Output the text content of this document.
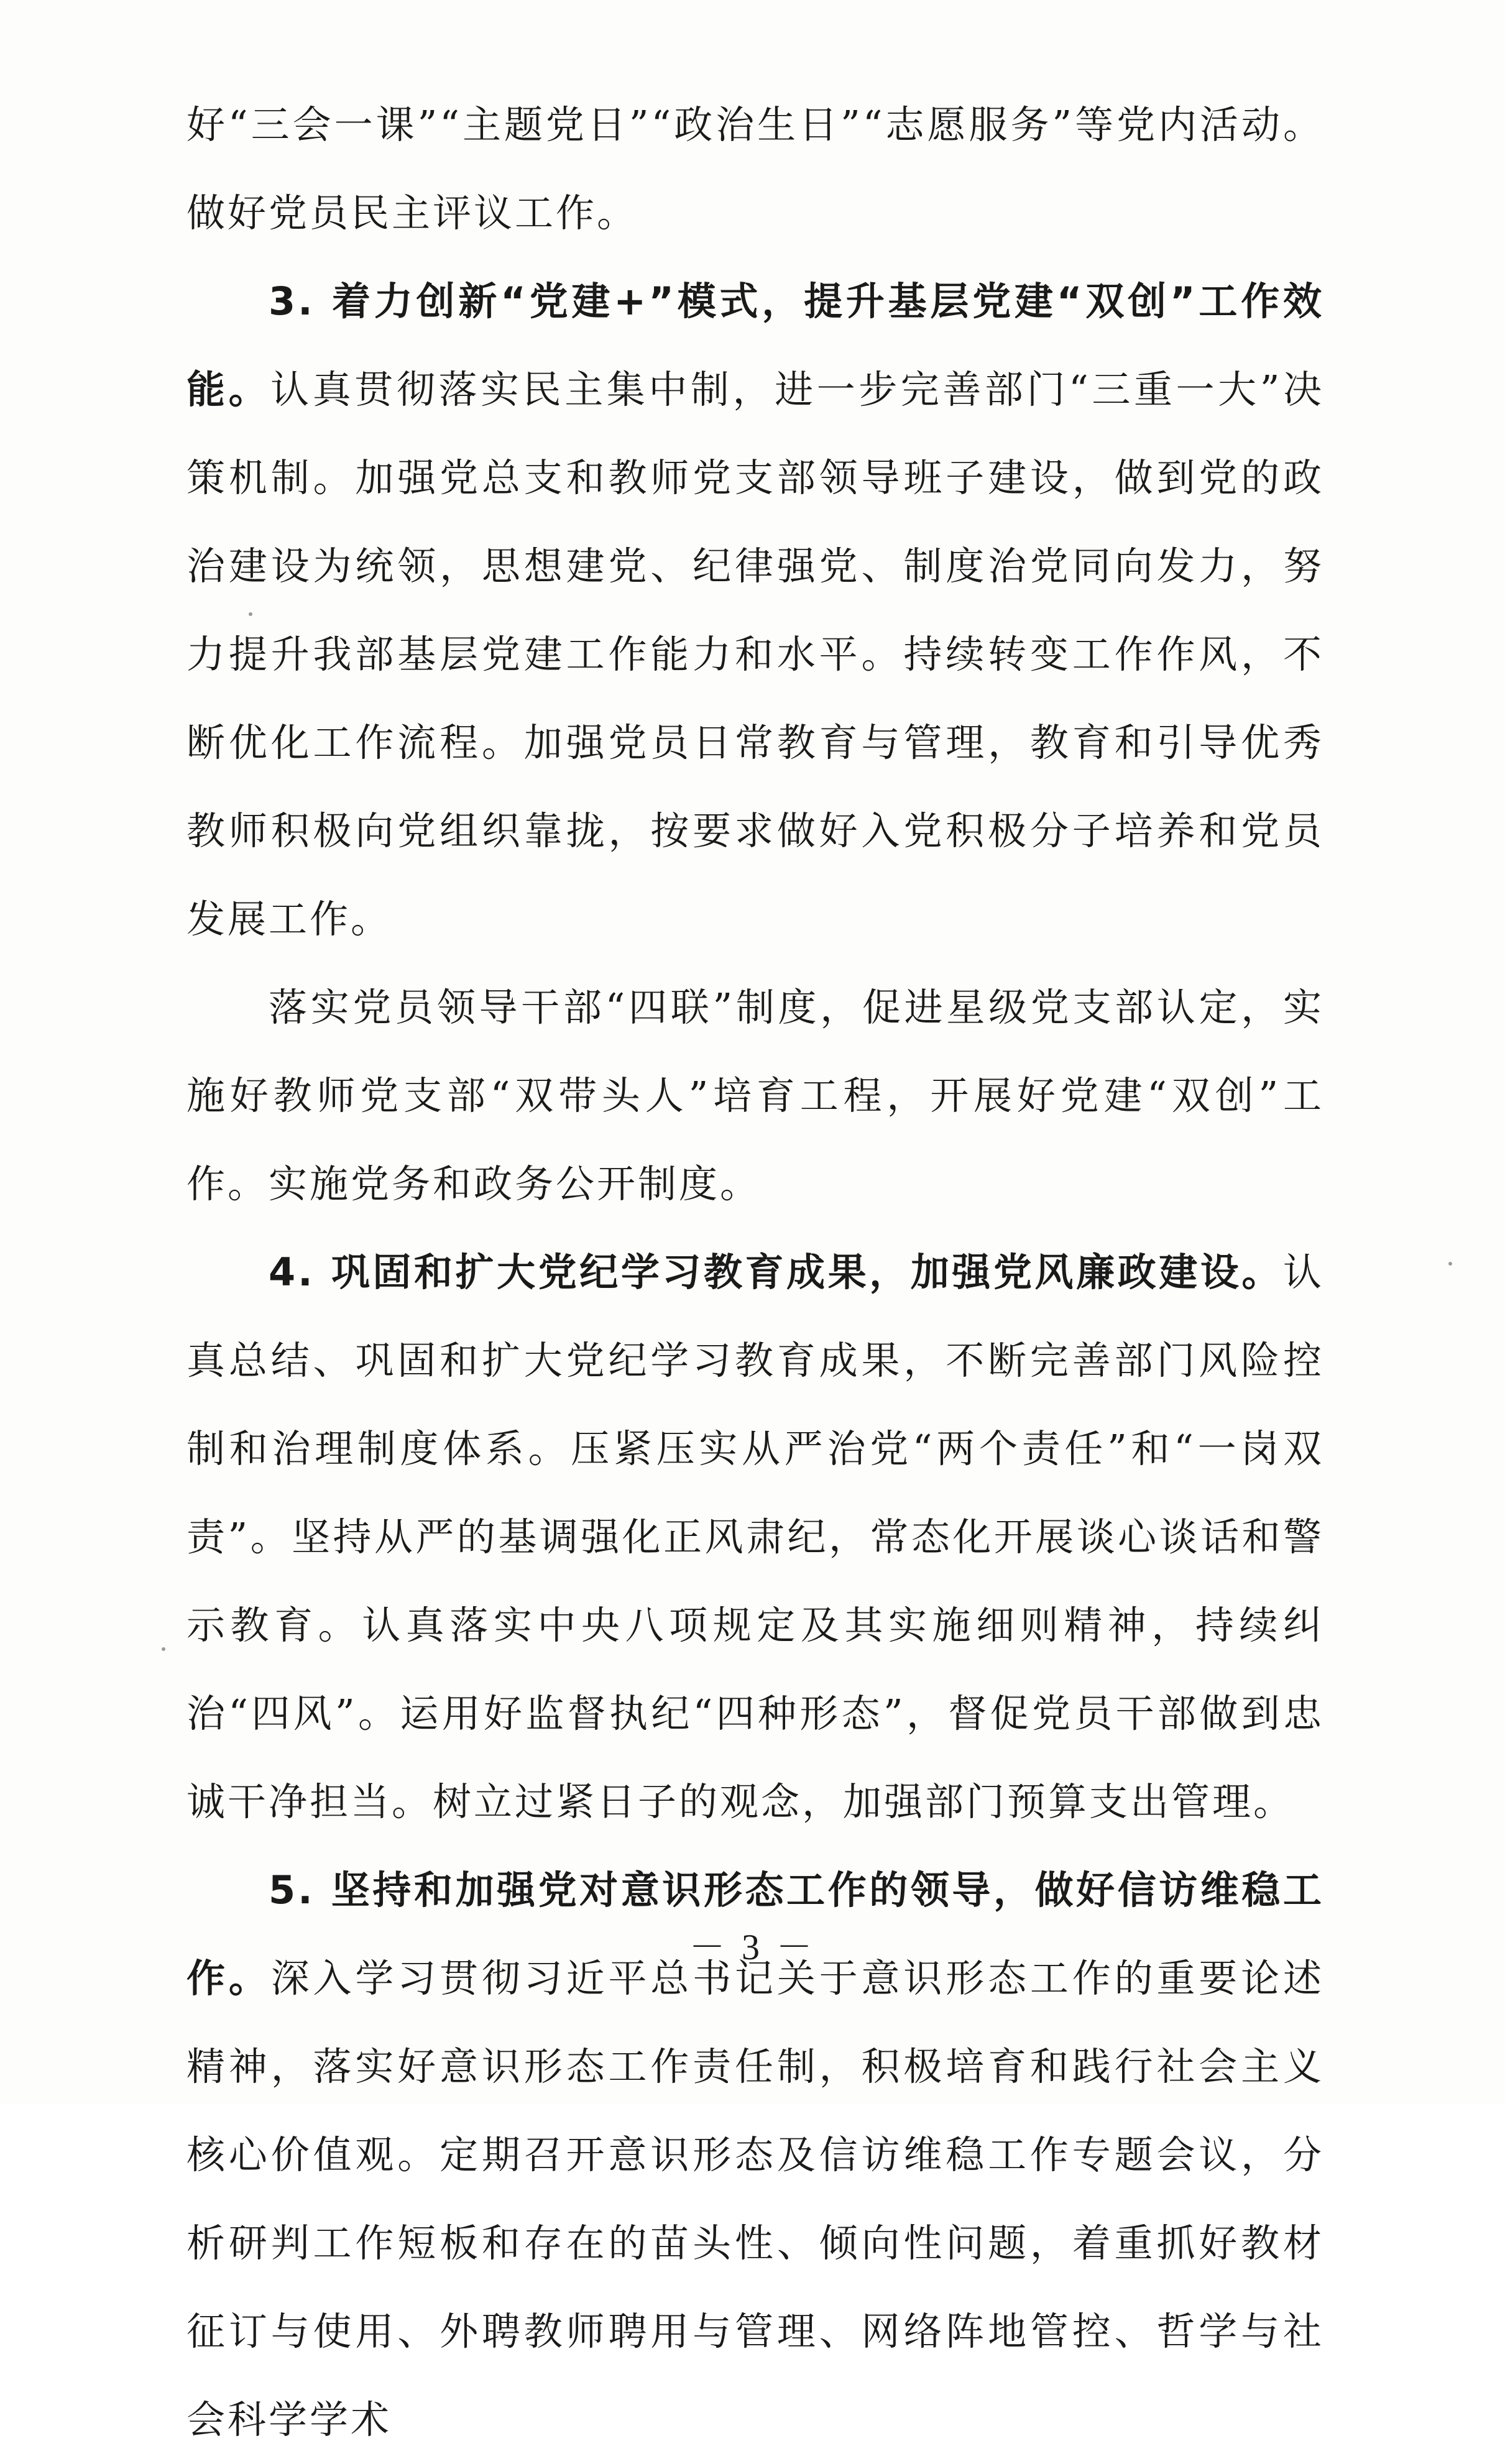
好“三会一课”“主题党日”“政治生日”“志愿服务”等党内活动。做好党员民主评议工作。

3. 着力创新“党建+”模式，提升基层党建“双创”工作效能。认真贯彻落实民主集中制，进一步完善部门“三重一大”决策机制。加强党总支和教师党支部领导班子建设，做到党的政治建设为统领，思想建党、纪律强党、制度治党同向发力，努力提升我部基层党建工作能力和水平。持续转变工作作风，不断优化工作流程。加强党员日常教育与管理，教育和引导优秀教师积极向党组织靠拢，按要求做好入党积极分子培养和党员发展工作。

落实党员领导干部“四联”制度，促进星级党支部认定，实施好教师党支部“双带头人”培育工程，开展好党建“双创”工作。实施党务和政务公开制度。

4. 巩固和扩大党纪学习教育成果，加强党风廉政建设。认真总结、巩固和扩大党纪学习教育成果，不断完善部门风险控制和治理制度体系。压紧压实从严治党“两个责任”和“一岗双责”。坚持从严的基调强化正风肃纪，常态化开展谈心谈话和警示教育。认真落实中央八项规定及其实施细则精神，持续纠治“四风”。运用好监督执纪“四种形态”，督促党员干部做到忠诚干净担当。树立过紧日子的观念，加强部门预算支出管理。

5. 坚持和加强党对意识形态工作的领导，做好信访维稳工作。深入学习贯彻习近平总书记关于意识形态工作的重要论述精神，落实好意识形态工作责任制，积极培育和践行社会主义核心价值观。定期召开意识形态及信访维稳工作专题会议，分析研判工作短板和存在的苗头性、倾向性问题，着重抓好教材征订与使用、外聘教师聘用与管理、网络阵地管控、哲学与社会科学学术

－ 3 －
